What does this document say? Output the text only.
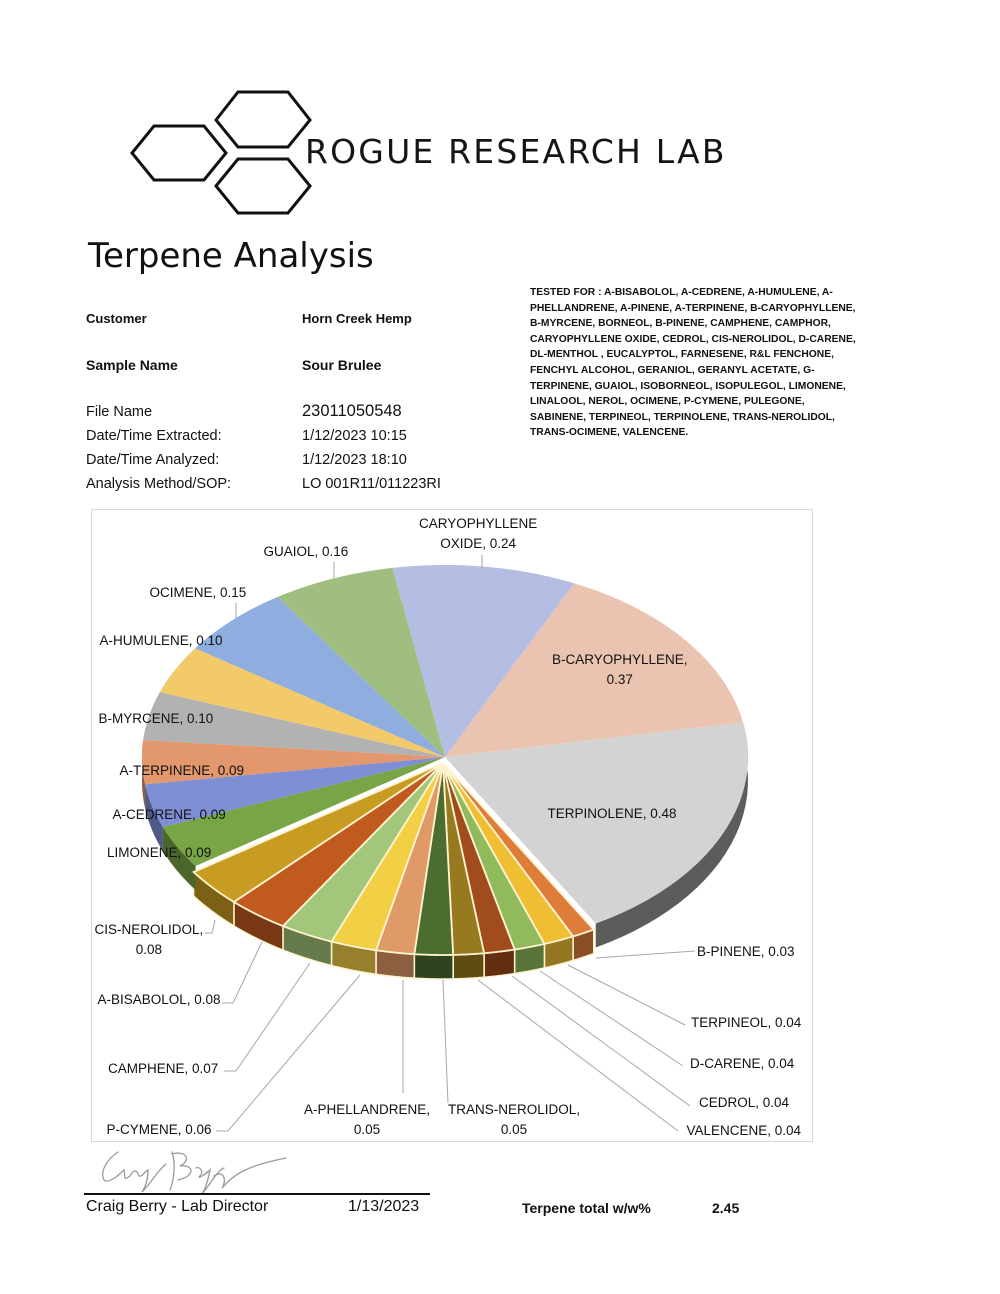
ROGUE RESEARCH LAB
Terpene Analysis
Customer	Horn Creek Hemp
Sample Name	Sour Brulee
File Name	23011050548
Date/Time Extracted:	1/12/2023 10:15
Date/Time Analyzed:	1/12/2023 18:10
Analysis Method/SOP:	LO 001R11/011223RI
TESTED FOR : A-BISABOLOL, A-CEDRENE, A-HUMULENE, A-PHELLANDRENE, A-PINENE, A-TERPINENE, B-CARYOPHYLLENE, B-MYRCENE, BORNEOL, B-PINENE, CAMPHENE, CAMPHOR, CARYOPHYLLENE OXIDE, CEDROL, CIS-NEROLIDOL, D-CARENE, DL-MENTHOL , EUCALYPTOL, FARNESENE, R&L FENCHONE, FENCHYL ALCOHOL, GERANIOL, GERANYL ACETATE, G-TERPINENE, GUAIOL, ISOBORNEOL, ISOPULEGOL, LIMONENE, LINALOOL, NEROL, OCIMENE, P-CYMENE, PULEGONE, SABINENE, TERPINEOL, TERPINOLENE, TRANS-NEROLIDOL, TRANS-OCIMENE, VALENCENE.
CARYOPHYLLENE
OXIDE, 0.24
B-CARYOPHYLLENE,
0.37
TERPINOLENE, 0.48
B-PINENE, 0.03
TERPINEOL, 0.04
D-CARENE, 0.04
CEDROL, 0.04
VALENCENE, 0.04
TRANS-NEROLIDOL,
0.05
A-PHELLANDRENE,
0.05
P-CYMENE, 0.06
CAMPHENE, 0.07
A-BISABOLOL, 0.08
CIS-NEROLIDOL,
0.08
LIMONENE, 0.09
A-CEDRENE, 0.09
A-TERPINENE, 0.09
B-MYRCENE, 0.10
A-HUMULENE, 0.10
OCIMENE, 0.15
GUAIOL, 0.16
Craig Berry - Lab Director	1/13/2023	Terpene total w/w%	2.45
